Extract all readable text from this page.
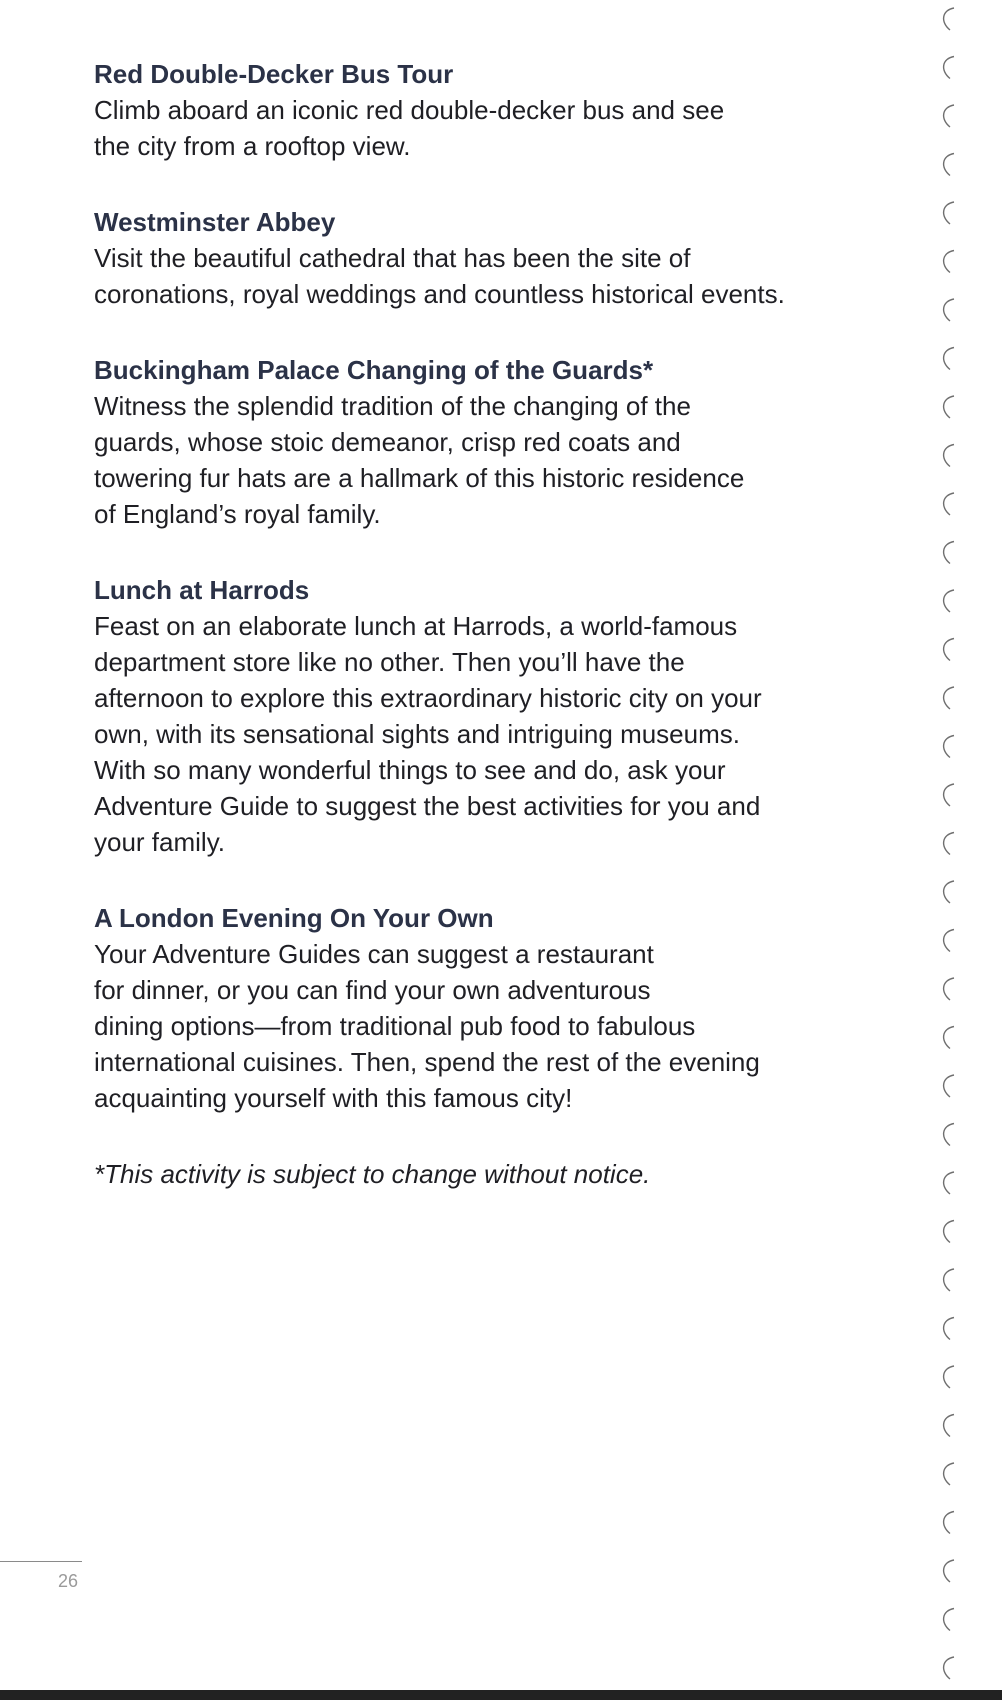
Red Double-Decker Bus Tour

Climb aboard an iconic red double-decker bus and see
the city from a rooftop view.

Westminster Abbey

Visit the beautiful cathedral that has been the site of
coronations, royal weddings and countless historical events.

Buckingham Palace Changing of the Guards*

Witness the splendid tradition of the changing of the
guards, whose stoic demeanor, crisp red coats and
towering fur hats are a hallmark of this historic residence
of England’s royal family.

Lunch at Harrods

Feast on an elaborate lunch at Harrods, a world-famous
department store like no other. Then you’ll have the
afternoon to explore this extraordinary historic city on your
own, with its sensational sights and intriguing museums.
With so many wonderful things to see and do, ask your
Adventure Guide to suggest the best activities for you and
your family.

A London Evening On Your Own

Your Adventure Guides can suggest a restaurant
for dinner, or you can find your own adventurous
dining options—from traditional pub food to fabulous
international cuisines. Then, spend the rest of the evening
acquainting yourself with this famous city!

*This activity is subject to change without notice.

26
